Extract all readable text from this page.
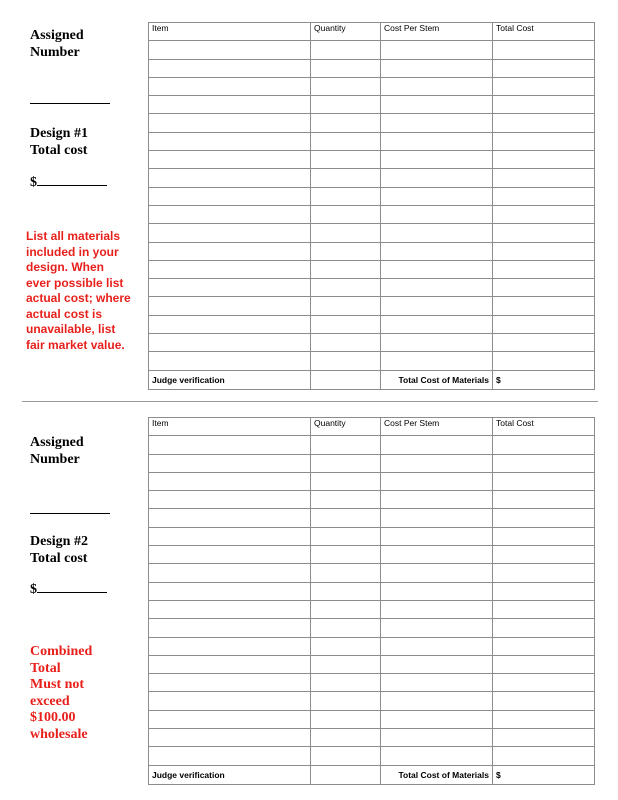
Assigned
Number

Design #1
Total cost

$

List all materials
included in your
design. When
ever possible list
actual cost; where
actual cost is
unavailable, list
fair market value.

Item	Quantity	Cost Per Stem	Total Cost

Judge verification		Total Cost of Materials	$

Assigned
Number

Design #2
Total cost

$

Combined
Total
Must not
exceed
$100.00
wholesale

Item	Quantity	Cost Per Stem	Total Cost

Judge verification		Total Cost of Materials	$
